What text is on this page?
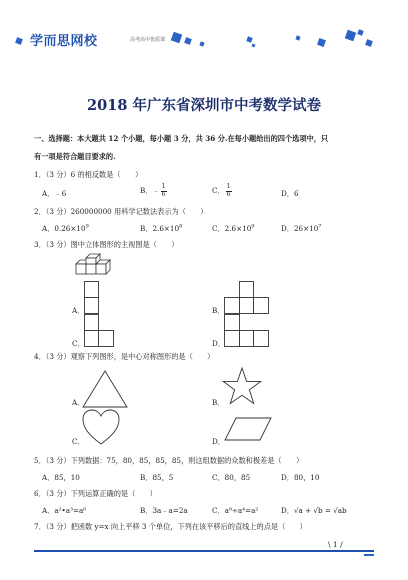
学而思网校	高考高中优质课
2018 年广东省深圳市中考数学试卷
一、选择题：本大题共 12 个小题，每小题 3 分，共 36 分.在每小题给出的四个选项中，只
有一项是符合题目要求的.
1．（3 分）6 的相反数是（　　）
A．﹣6	B．﹣ $\frac{1}{6}$	C． $\frac{1}{6}$	D．6
2．（3 分）260000000 用科学记数法表示为（　　）
A．$0.26\times 10^9$	B．$2.6\times 10^8$	C．$2.6\times 10^9$	D．$26\times 10^7$
3．（3 分）图中立体图形的主视图是（　　）
A．	B．
C．	D．
4．（3 分）观察下列图形，是中心对称图形的是（　　）
A．	B．
C．	D．
5．（3 分）下列数据：75，80，85，85，85，则这组数据的众数和极差是（　　）
A．85，10	B．85，5	C．80，85	D．80，10
6．（3 分）下列运算正确的是（　　）
A．a²•a³=a⁶	B．3a﹣a=2a	C．a⁸÷a⁴=a²	D．√a + √b = √ab
7．（3 分）把函数 y=x 向上平移 3 个单位，下列在该平移后的直线上的点是（　　）
\ 1 /
